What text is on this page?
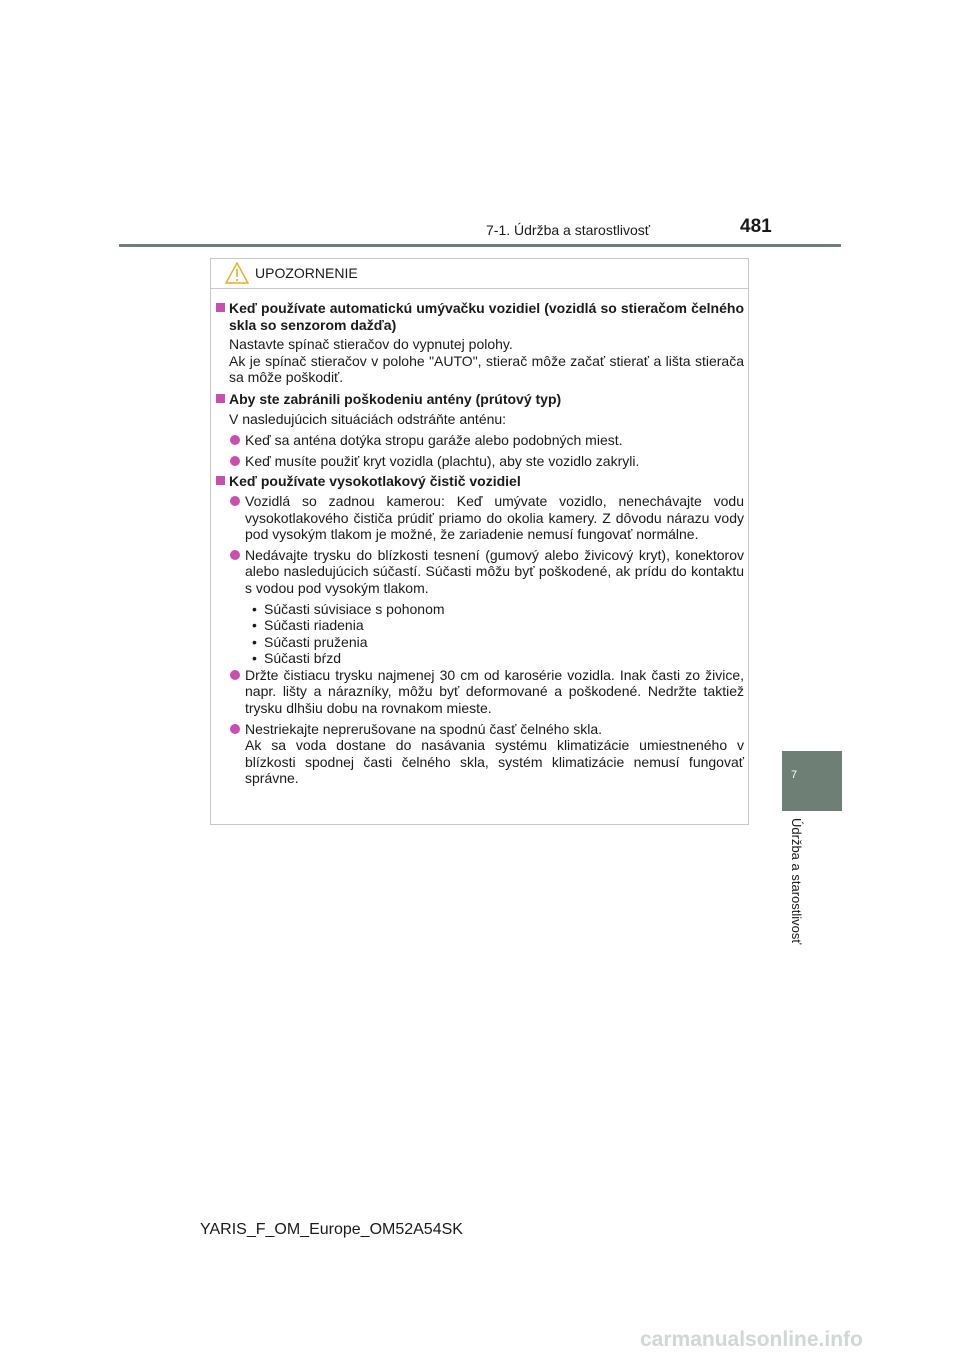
7-1. Údržba a starostlivosť	481
7
Údržba a starostlivosť
UPOZORNENIE
Keď používate automatickú umývačku vozidiel (vozidlá so stieračom čelného skla so senzorom dažďa)
Nastavte spínač stieračov do vypnutej polohy.
Ak je spínač stieračov v polohe "AUTO", stierač môže začať stierať a lišta stierača sa môže poškodiť.
Aby ste zabránili poškodeniu antény (prútový typ)
V nasledujúcich situáciách odstráňte anténu:
Keď sa anténa dotýka stropu garáže alebo podobných miest.
Keď musíte použiť kryt vozidla (plachtu), aby ste vozidlo zakryli.
Keď používate vysokotlakový čistič vozidiel
Vozidlá so zadnou kamerou: Keď umývate vozidlo, nenechávajte vodu vysokotlakového čističa prúdiť priamo do okolia kamery. Z dôvodu nárazu vody pod vysokým tlakom je možné, že zariadenie nemusí fungovať normálne.
Nedávajte trysku do blízkosti tesnení (gumový alebo živicový kryt), konektorov alebo nasledujúcich súčastí. Súčasti môžu byť poškodené, ak prídu do kontaktu s vodou pod vysokým tlakom.
• Súčasti súvisiace s pohonom
• Súčasti riadenia
• Súčasti pruženia
• Súčasti bŕzd
Držte čistiacu trysku najmenej 30 cm od karosérie vozidla. Inak časti zo živice, napr. lišty a nárazníky, môžu byť deformované a poškodené. Nedržte taktiež trysku dlhšiu dobu na rovnakom mieste.
Nestriekajte neprerušovane na spodnú časť čelného skla.
Ak sa voda dostane do nasávania systému klimatizácie umiestneného v blízkosti spodnej časti čelného skla, systém klimatizácie nemusí fungovať správne.
YARIS_F_OM_Europe_OM52A54SK
carmanualsonline.info
